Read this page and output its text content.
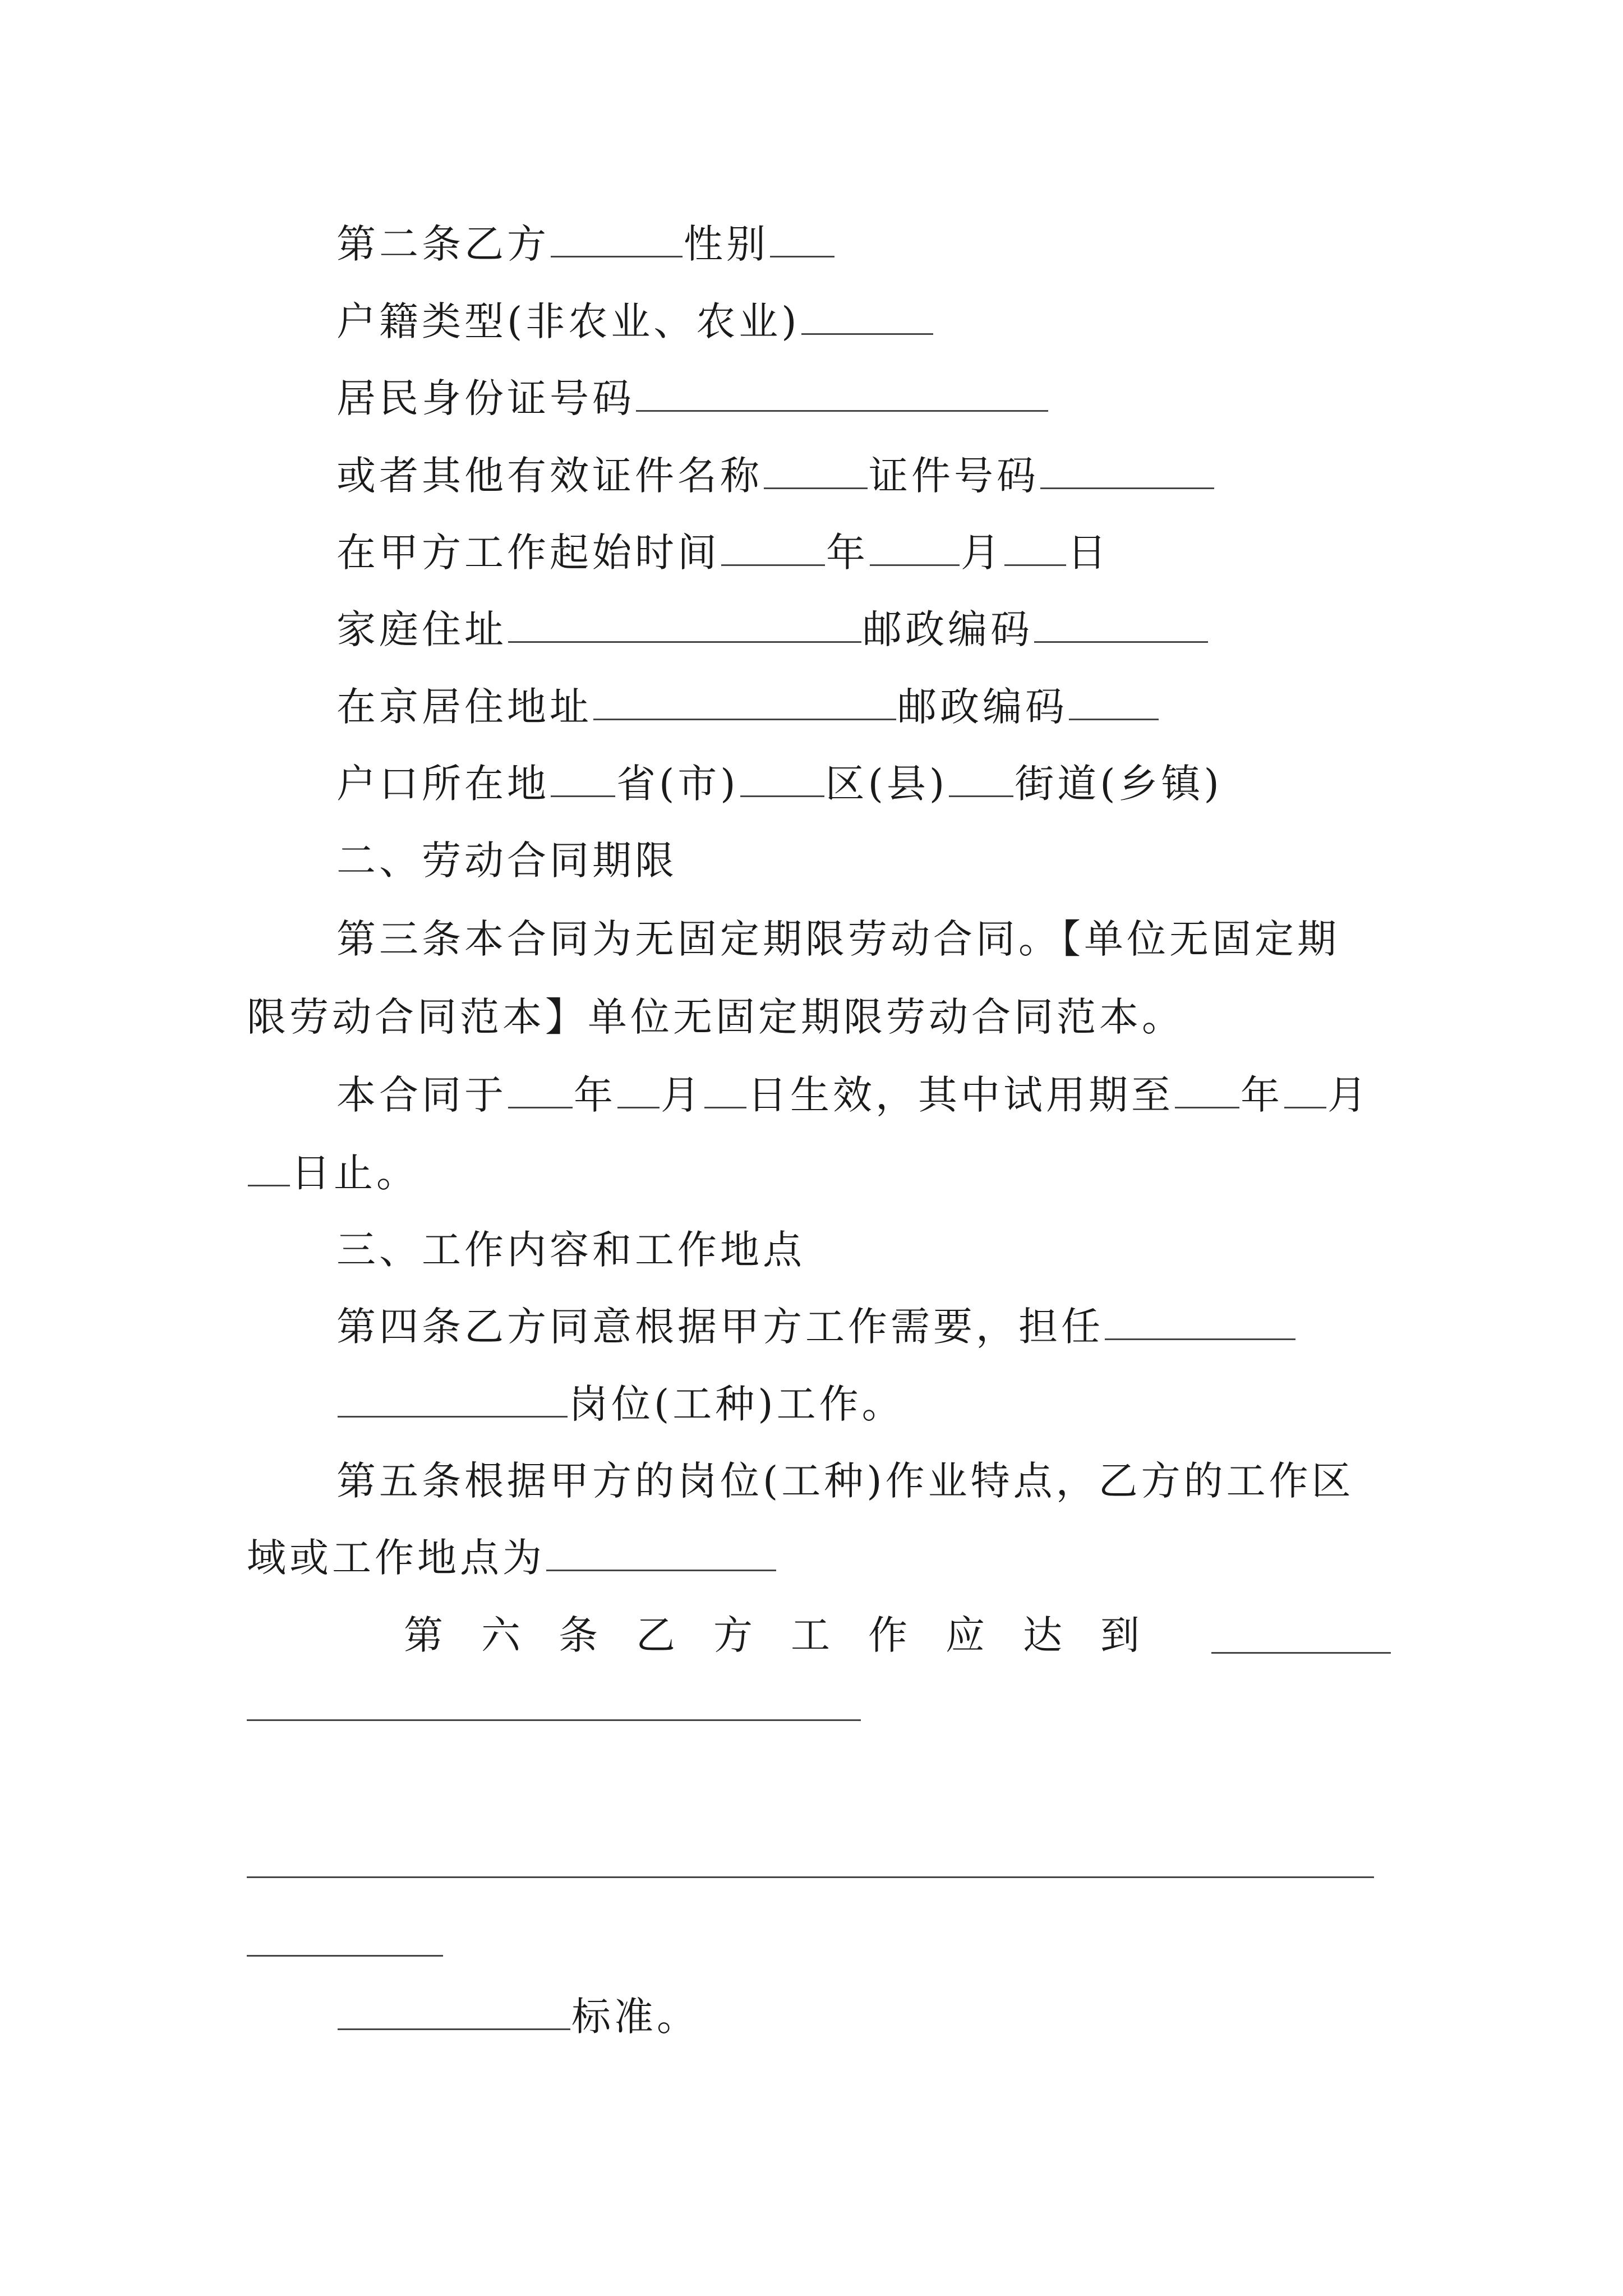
第二条乙方	性别
户籍类型(非农业、农业)
居民身份证号码
或者其他有效证件名称	证件号码
在甲方工作起始时间	年 月 日
家庭住址	邮政编码
在京居住地址	邮政编码
户口所在地 省(市) 区(县) 街道(乡镇)
二、劳动合同期限
第三条本合同为无固定期限劳动合同。【单位无固定期
限劳动合同范本】单位无固定期限劳动合同范本。
本合同于 年 月 日生效，其中试用期至 年 月
日止。
三、工作内容和工作地点
第四条乙方同意根据甲方工作需要，担任
岗位(工种)工作。
第五条根据甲方的岗位(工种)作业特点，乙方的工作区
域或工作地点为
第六条乙方工作应达到
标准。
